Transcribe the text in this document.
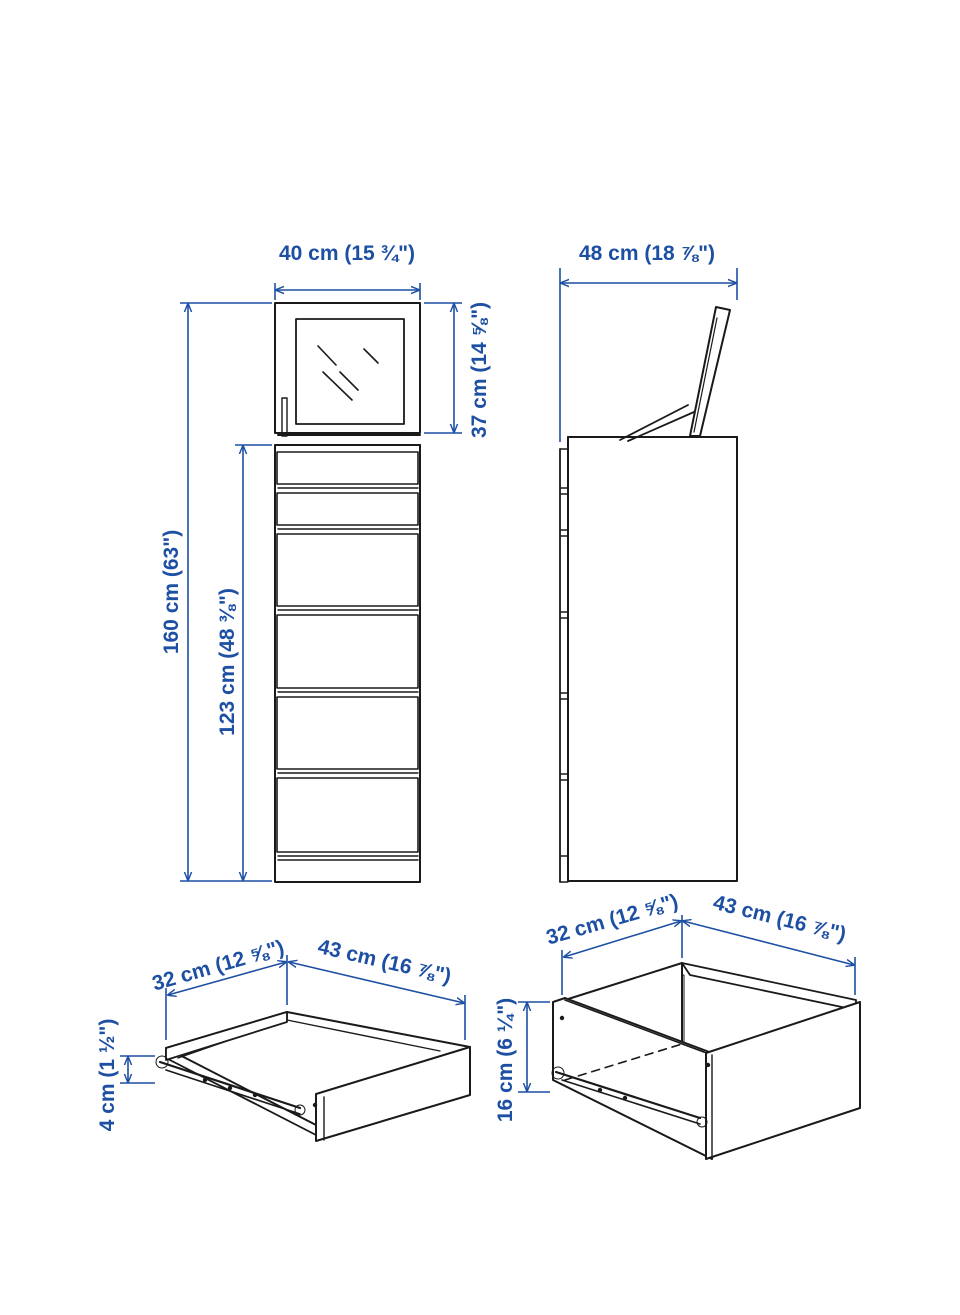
40 cm (15 ¾")
160 cm (63") 123 cm (48 ⅜")
37 cm (14 ⅝")
48 cm (18 ⅞")
32 cm (12 ⅝") 43 cm (16 ⅞")
4 cm (1 ½")
32 cm (12 ⅝") 43 cm (16 ⅞")
16 cm (6 ¼")
